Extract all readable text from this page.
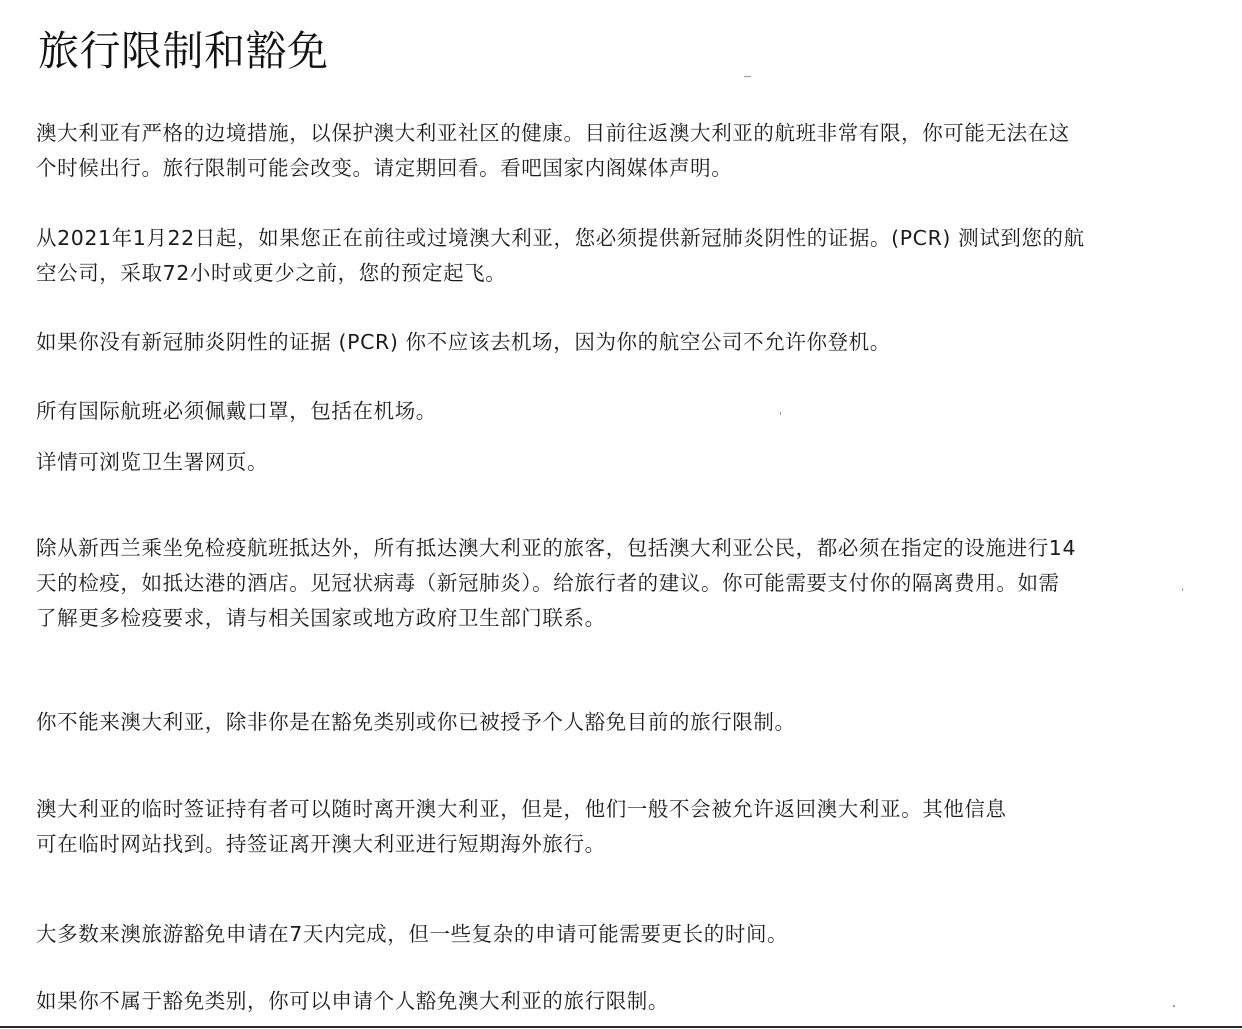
旅行限制和豁免
澳大利亚有严格的边境措施，以保护澳大利亚社区的健康。目前往返澳大利亚的航班非常有限，你可能无法在这
个时候出行。旅行限制可能会改变。请定期回看。看吧国家内阁媒体声明。
从2021年1月22日起，如果您正在前往或过境澳大利亚，您必须提供新冠肺炎阴性的证据。(PCR) 测试到您的航
空公司，采取72小时或更少之前，您的预定起飞。
如果你没有新冠肺炎阴性的证据 (PCR) 你不应该去机场，因为你的航空公司不允许你登机。
所有国际航班必须佩戴口罩，包括在机场。
详情可浏览卫生署网页。
除从新西兰乘坐免检疫航班抵达外，所有抵达澳大利亚的旅客，包括澳大利亚公民，都必须在指定的设施进行14
天的检疫，如抵达港的酒店。见冠状病毒（新冠肺炎）。给旅行者的建议。你可能需要支付你的隔离费用。如需
了解更多检疫要求，请与相关国家或地方政府卫生部门联系。
你不能来澳大利亚，除非你是在豁免类别或你已被授予个人豁免目前的旅行限制。
澳大利亚的临时签证持有者可以随时离开澳大利亚，但是，他们一般不会被允许返回澳大利亚。其他信息
可在临时网站找到。持签证离开澳大利亚进行短期海外旅行。
大多数来澳旅游豁免申请在7天内完成，但一些复杂的申请可能需要更长的时间。
如果你不属于豁免类别，你可以申请个人豁免澳大利亚的旅行限制。
